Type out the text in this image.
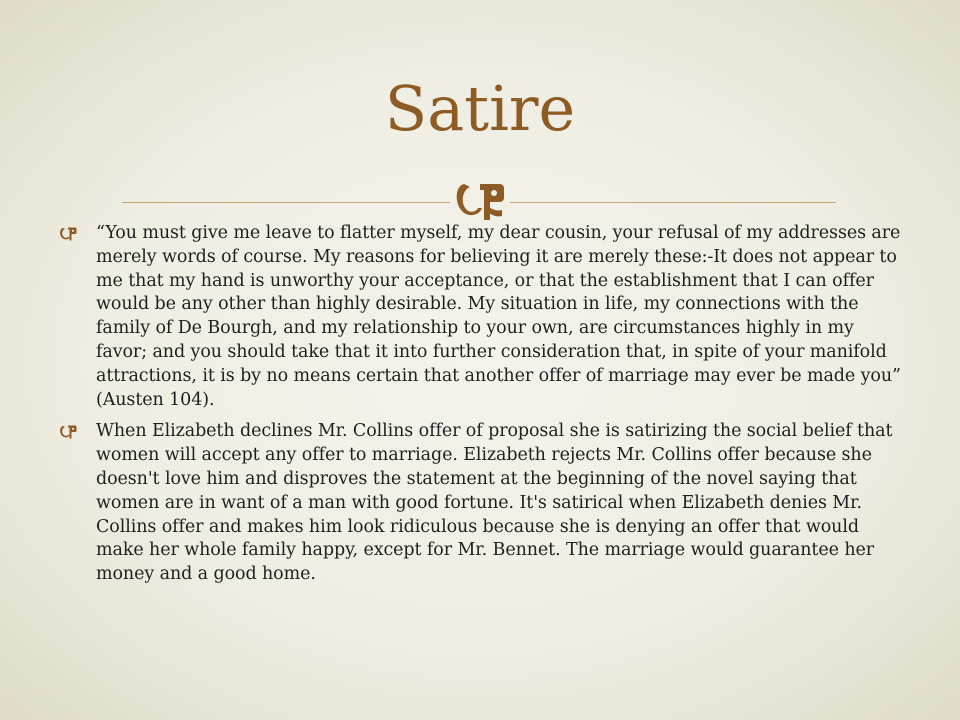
Satire
“You must give me leave to flatter myself, my dear cousin, your refusal of my addresses are merely words of course. My reasons for believing it are merely these:-It does not appear to me that my hand is unworthy your acceptance, or that the establishment that I can offer would be any other than highly desirable. My situation in life, my connections with the family of De Bourgh, and my relationship to your own, are circumstances highly in my favor; and you should take that it into further consideration that, in spite of your manifold attractions, it is by no means certain that another offer of marriage may ever be made you” (Austen 104).
When Elizabeth declines Mr. Collins offer of proposal she is satirizing the social belief that women will accept any offer to marriage. Elizabeth rejects Mr. Collins offer because she doesn't love him and disproves the statement at the beginning of the novel saying that women are in want of a man with good fortune. It's satirical when Elizabeth denies Mr. Collins offer and makes him look ridiculous because she is denying an offer that would make her whole family happy, except for Mr. Bennet. The marriage would guarantee her money and a good home.
